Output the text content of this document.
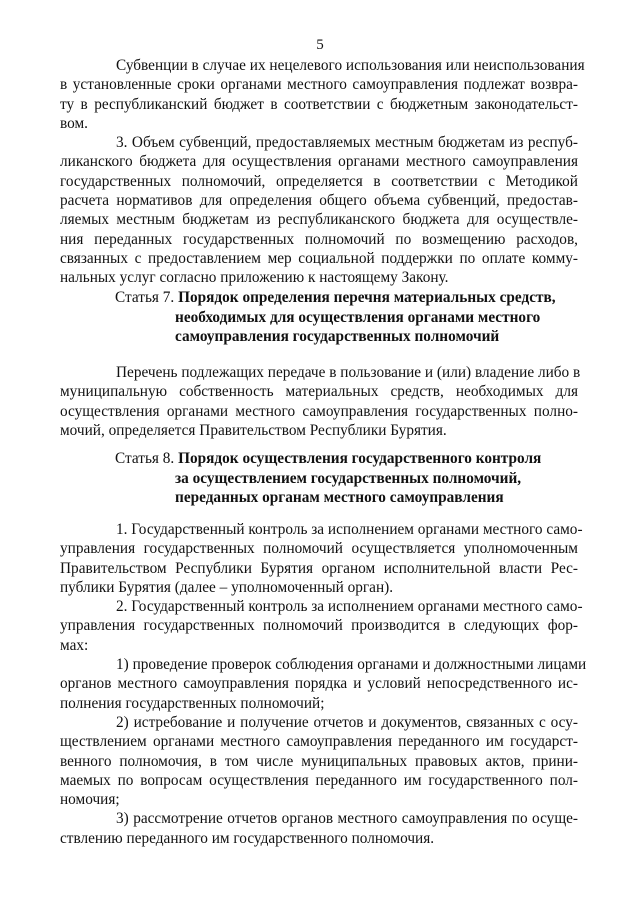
5
Субвенции в случае их нецелевого использования или неиспользования
в установленные сроки органами местного самоуправления подлежат возвра-
ту в республиканский бюджет в соответствии с бюджетным законодательст-
вом.
3. Объем субвенций, предоставляемых местным бюджетам из респуб-
ликанского бюджета для осуществления органами местного самоуправления
государственных полномочий, определяется в соответствии с Методикой
расчета нормативов для определения общего объема субвенций, предостав-
ляемых местным бюджетам из республиканского бюджета для осуществле-
ния переданных государственных полномочий по возмещению расходов,
связанных с предоставлением мер социальной поддержки по оплате комму-
нальных услуг согласно приложению к настоящему Закону.
Статья 7. Порядок определения перечня материальных средств,
необходимых для осуществления органами местного
самоуправления государственных полномочий
Перечень подлежащих передаче в пользование и (или) владение либо в
муниципальную собственность материальных средств, необходимых для
осуществления органами местного самоуправления государственных полно-
мочий, определяется Правительством Республики Бурятия.
Статья 8. Порядок осуществления государственного контроля
за осуществлением государственных полномочий,
переданных органам местного самоуправления
1. Государственный контроль за исполнением органами местного само-
управления государственных полномочий осуществляется уполномоченным
Правительством Республики Бурятия органом исполнительной власти Рес-
публики Бурятия (далее – уполномоченный орган).
2. Государственный контроль за исполнением органами местного само-
управления государственных полномочий производится в следующих фор-
мах:
1) проведение проверок соблюдения органами и должностными лицами
органов местного самоуправления порядка и условий непосредственного ис-
полнения государственных полномочий;
2) истребование и получение отчетов и документов, связанных с осу-
ществлением органами местного самоуправления переданного им государст-
венного полномочия, в том числе муниципальных правовых актов, прини-
маемых по вопросам осуществления переданного им государственного пол-
номочия;
3) рассмотрение отчетов органов местного самоуправления по осуще-
ствлению переданного им государственного полномочия.
